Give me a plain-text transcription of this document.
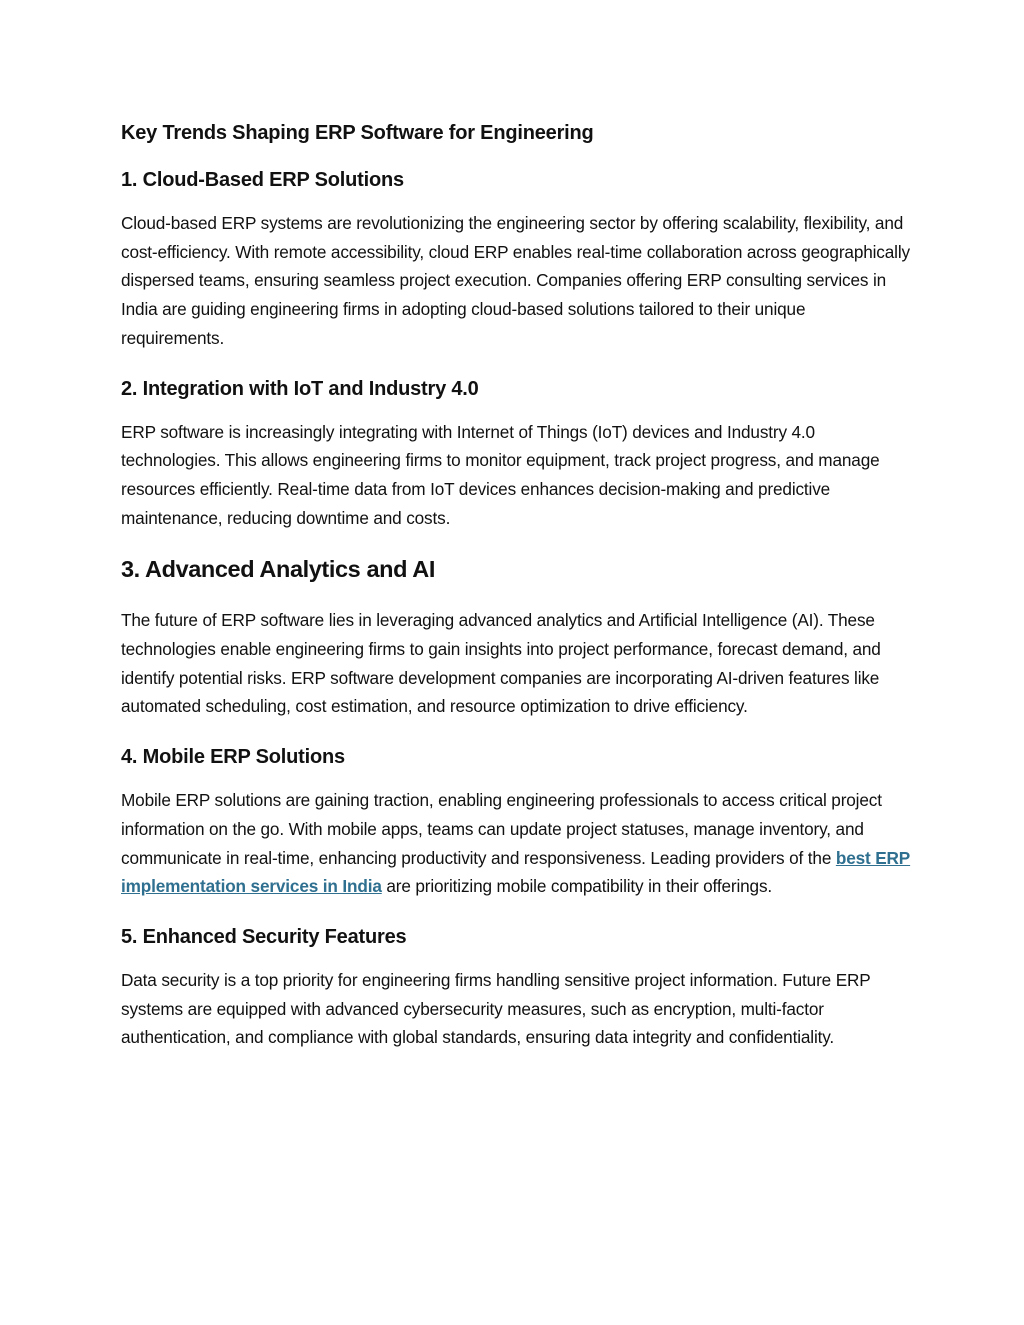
Key Trends Shaping ERP Software for Engineering
1. Cloud-Based ERP Solutions

Cloud-based ERP systems are revolutionizing the engineering sector by offering scalability, flexibility, and cost-efficiency. With remote accessibility, cloud ERP enables real-time collaboration across geographically dispersed teams, ensuring seamless project execution. Companies offering ERP consulting services in India are guiding engineering firms in adopting cloud-based solutions tailored to their unique requirements.

2. Integration with IoT and Industry 4.0

ERP software is increasingly integrating with Internet of Things (IoT) devices and Industry 4.0 technologies. This allows engineering firms to monitor equipment, track project progress, and manage resources efficiently. Real-time data from IoT devices enhances decision-making and predictive maintenance, reducing downtime and costs.

3. Advanced Analytics and AI

The future of ERP software lies in leveraging advanced analytics and Artificial Intelligence (AI). These technologies enable engineering firms to gain insights into project performance, forecast demand, and identify potential risks. ERP software development companies are incorporating AI-driven features like automated scheduling, cost estimation, and resource optimization to drive efficiency.

4. Mobile ERP Solutions

Mobile ERP solutions are gaining traction, enabling engineering professionals to access critical project information on the go. With mobile apps, teams can update project statuses, manage inventory, and communicate in real-time, enhancing productivity and responsiveness. Leading providers of the best ERP implementation services in India are prioritizing mobile compatibility in their offerings.

5. Enhanced Security Features

Data security is a top priority for engineering firms handling sensitive project information. Future ERP systems are equipped with advanced cybersecurity measures, such as encryption, multi-factor authentication, and compliance with global standards, ensuring data integrity and confidentiality.
